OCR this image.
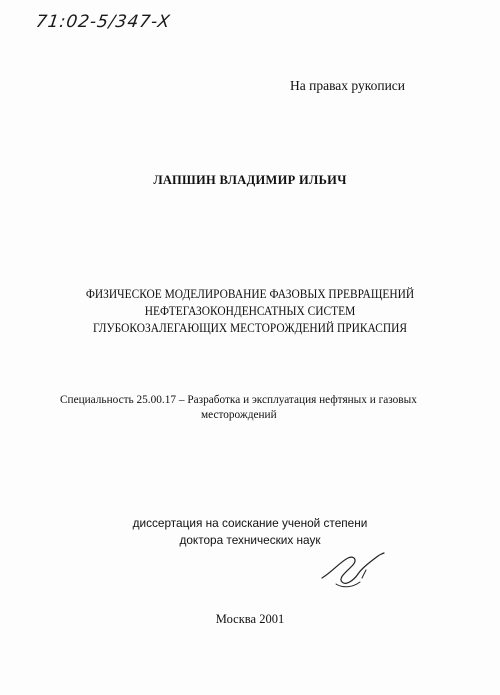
71:02-5/347-X
На правах рукописи
ЛАПШИН ВЛАДИМИР ИЛЬИЧ
ФИЗИЧЕСКОЕ МОДЕЛИРОВАНИЕ ФАЗОВЫХ ПРЕВРАЩЕНИЙ
НЕФТЕГАЗОКОНДЕНСАТНЫХ СИСТЕМ
ГЛУБОКОЗАЛЕГАЮЩИХ МЕСТОРОЖДЕНИЙ ПРИКАСПИЯ
Специальность 25.00.17 – Разработка и эксплуатация нефтяных и газовых
месторождений
диссертация на соискание ученой степени
доктора технических наук
Москва 2001
